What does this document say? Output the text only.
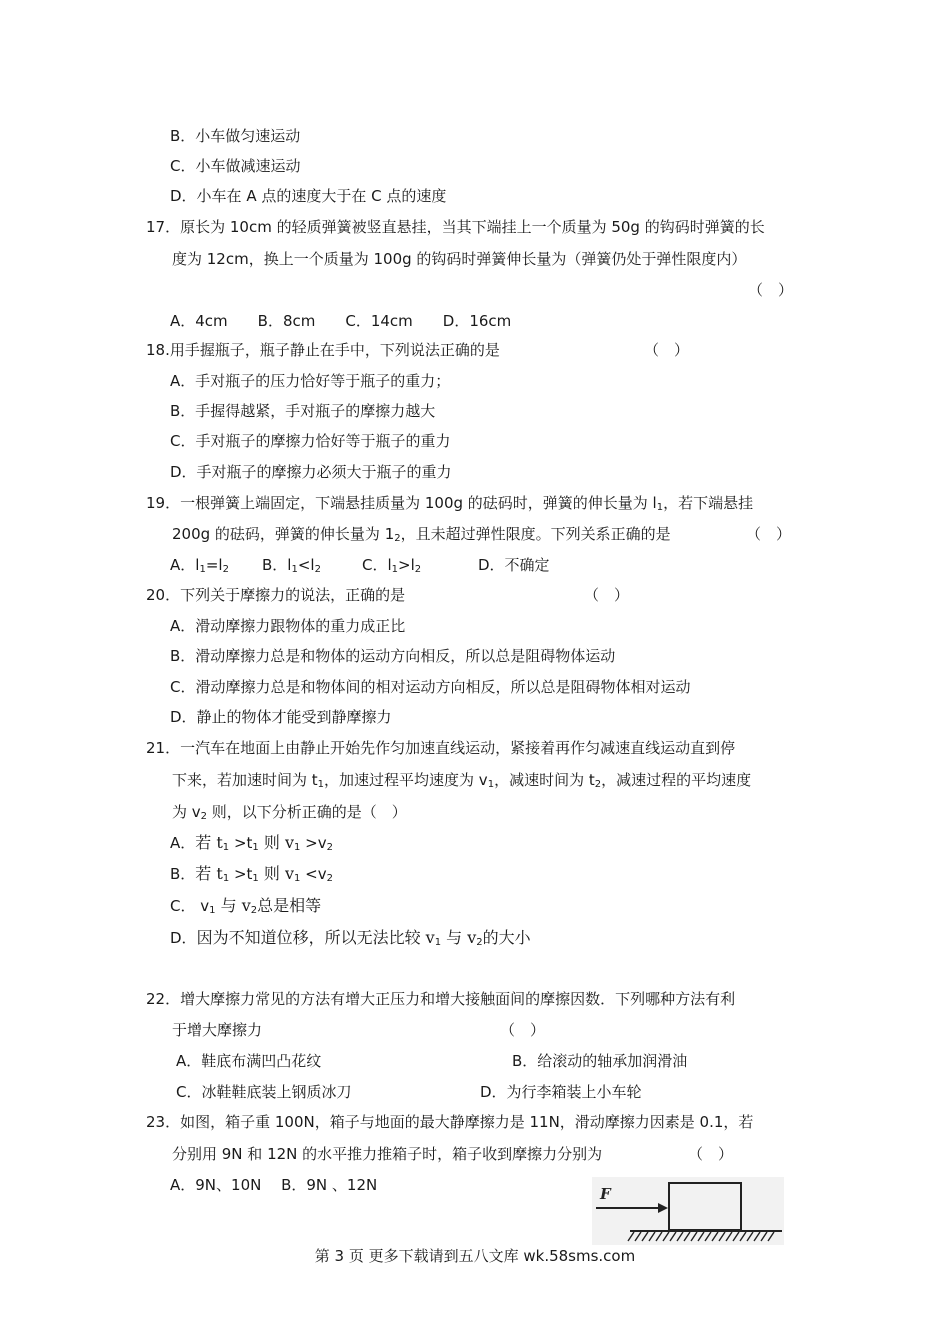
B．小车做匀速运动
C．小车做减速运动
D．小车在 A 点的速度大于在 C 点的速度
17．原长为 10cm 的轻质弹簧被竖直悬挂，当其下端挂上一个质量为 50g 的钩码时弹簧的长
度为 12cm，换上一个质量为 100g 的钩码时弹簧伸长量为（弹簧仍处于弹性限度内）
（　）
A．4cm　　B．8cm　　C．14cm　　D．16cm
18.用手握瓶子，瓶子静止在手中，下列说法正确的是	（　）
A．手对瓶子的压力恰好等于瓶子的重力；
B．手握得越紧，手对瓶子的摩擦力越大
C．手对瓶子的摩擦力恰好等于瓶子的重力
D．手对瓶子的摩擦力必须大于瓶子的重力
19．一根弹簧上端固定，下端悬挂质量为 100g 的砝码时，弹簧的伸长量为 $l_1$，若下端悬挂
200g 的砝码，弹簧的伸长量为 $1_2$，且未超过弹性限度。下列关系正确的是	（　）
A．$l_1=l_2$ B．$l_1<l_2$	C．$l_1>l_2$	D．不确定
20．下列关于摩擦力的说法，正确的是	（　）
A．滑动摩擦力跟物体的重力成正比
B．滑动摩擦力总是和物体的运动方向相反，所以总是阻碍物体运动
C．滑动摩擦力总是和物体间的相对运动方向相反，所以总是阻碍物体相对运动
D．静止的物体才能受到静摩擦力
21．一汽车在地面上由静止开始先作匀加速直线运动，紧接着再作匀减速直线运动直到停
下来，若加速时间为 $t_1$，加速过程平均速度为 $v_1$，减速时间为 $t_2$，减速过程的平均速度
为 $v_2$ 则，以下分析正确的是（　）
A．若 $t_1 >t_1$ 则 $v_1 >v_2$
B．若 $t_1 >t_1$ 则 $v_1 <v_2$
C． $v_1$ 与 $v_2$总是相等
D．因为不知道位移，所以无法比较 $v_1$ 与 $v_2$的大小
22．增大摩擦力常见的方法有增大正压力和增大接触面间的摩擦因数．下列哪种方法有利
于增大摩擦力	（　）
A．鞋底布满凹凸花纹	B．给滚动的轴承加润滑油
C．冰鞋鞋底装上钢质冰刀	D．为行李箱装上小车轮
23．如图，箱子重 100N，箱子与地面的最大静摩擦力是 11N，滑动摩擦力因素是 0.1，若
分别用 9N 和 12N 的水平推力推箱子时，箱子收到摩擦力分别为	（　）
A．9N、10N　 B．9N 、12N	F
第 3 页 更多下载请到五八文库 wk.58sms.com
